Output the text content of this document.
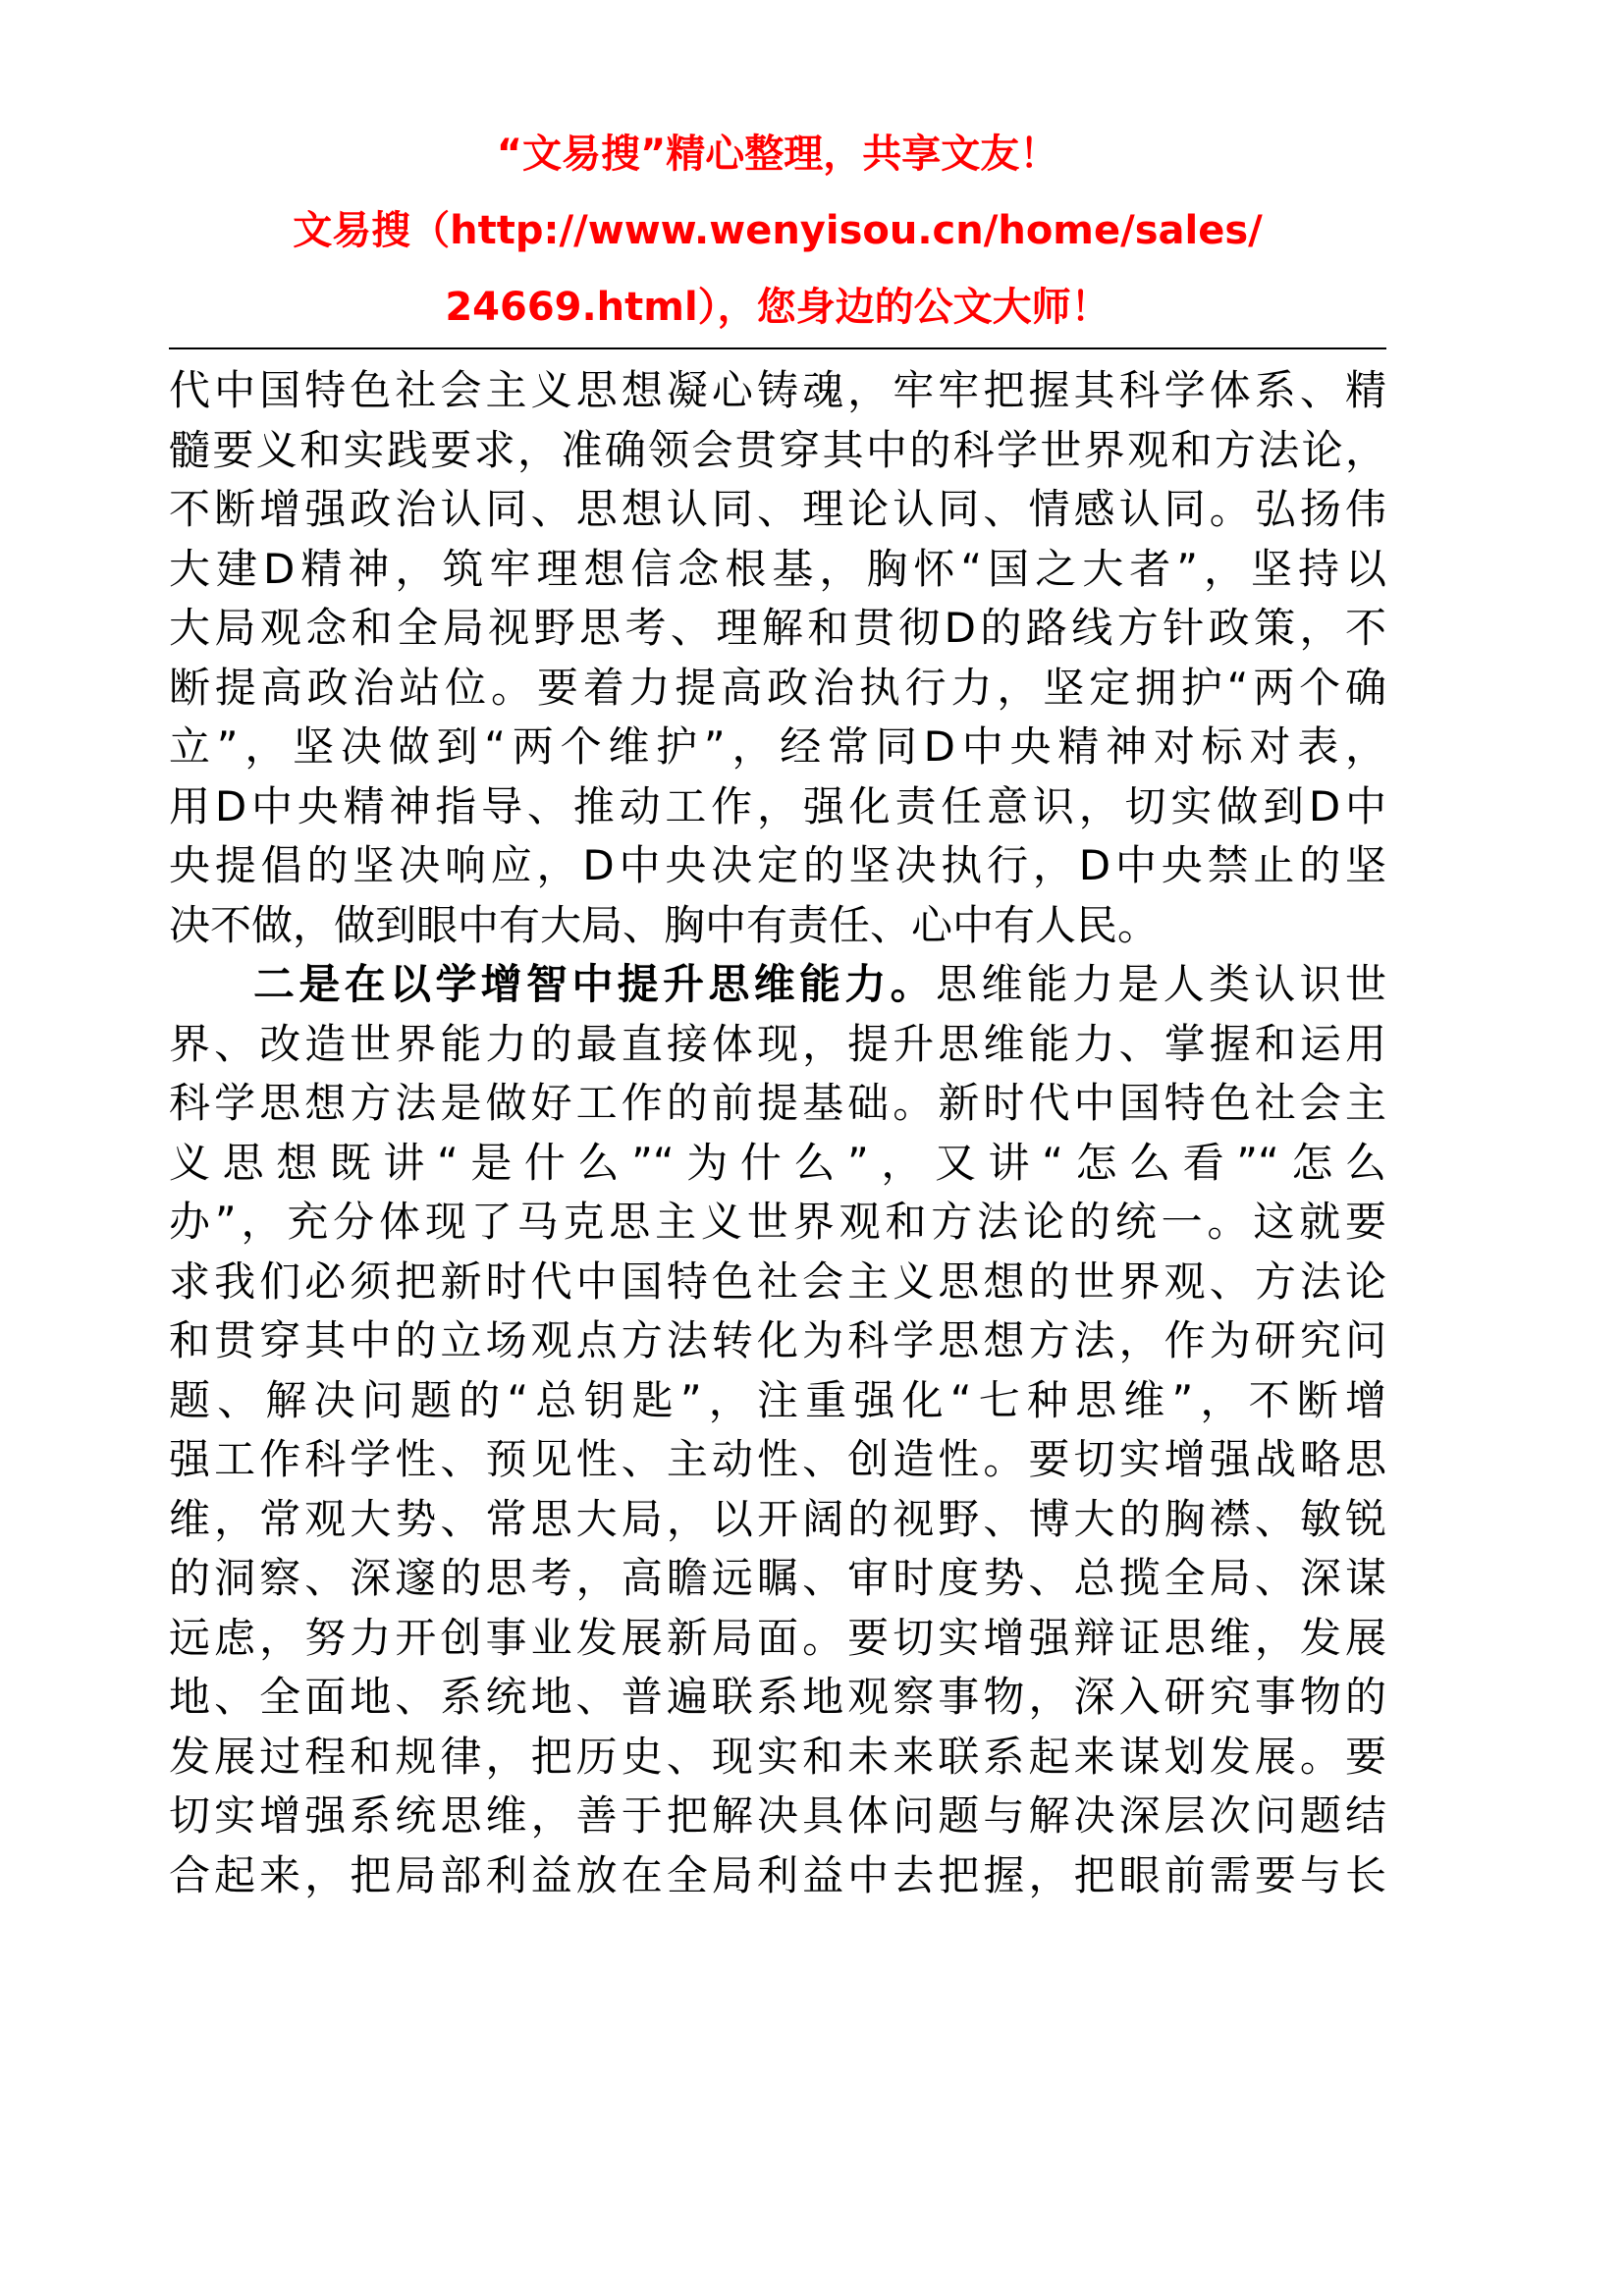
“文易搜”精心整理，共享文友！
文易搜（http://www.wenyisou.cn/home/sales/
24669.html），您身边的公文大师！
代中国特色社会主义思想凝心铸魂，牢牢把握其科学体系、精
髓要义和实践要求，准确领会贯穿其中的科学世界观和方法论，
不断增强政治认同、思想认同、理论认同、情感认同。弘扬伟
大建D精神，筑牢理想信念根基，胸怀“国之大者”，坚持以
大局观念和全局视野思考、理解和贯彻D的路线方针政策，不
断提高政治站位。要着力提高政治执行力，坚定拥护“两个确
立”，坚决做到“两个维护”，经常同D中央精神对标对表，
用D中央精神指导、推动工作，强化责任意识，切实做到D中
央提倡的坚决响应，D中央决定的坚决执行，D中央禁止的坚
决不做，做到眼中有大局、胸中有责任、心中有人民。
二是在以学增智中提升思维能力。思维能力是人类认识世
界、改造世界能力的最直接体现，提升思维能力、掌握和运用
科学思想方法是做好工作的前提基础。新时代中国特色社会主
义思想既讲“是什么”“为什么”，又讲“怎么看”“怎么
办”，充分体现了马克思主义世界观和方法论的统一。这就要
求我们必须把新时代中国特色社会主义思想的世界观、方法论
和贯穿其中的立场观点方法转化为科学思想方法，作为研究问
题、解决问题的“总钥匙”，注重强化“七种思维”，不断增
强工作科学性、预见性、主动性、创造性。要切实增强战略思
维，常观大势、常思大局，以开阔的视野、博大的胸襟、敏锐
的洞察、深邃的思考，高瞻远瞩、审时度势、总揽全局、深谋
远虑，努力开创事业发展新局面。要切实增强辩证思维，发展
地、全面地、系统地、普遍联系地观察事物，深入研究事物的
发展过程和规律，把历史、现实和未来联系起来谋划发展。要
切实增强系统思维，善于把解决具体问题与解决深层次问题结
合起来，把局部利益放在全局利益中去把握，把眼前需要与长
